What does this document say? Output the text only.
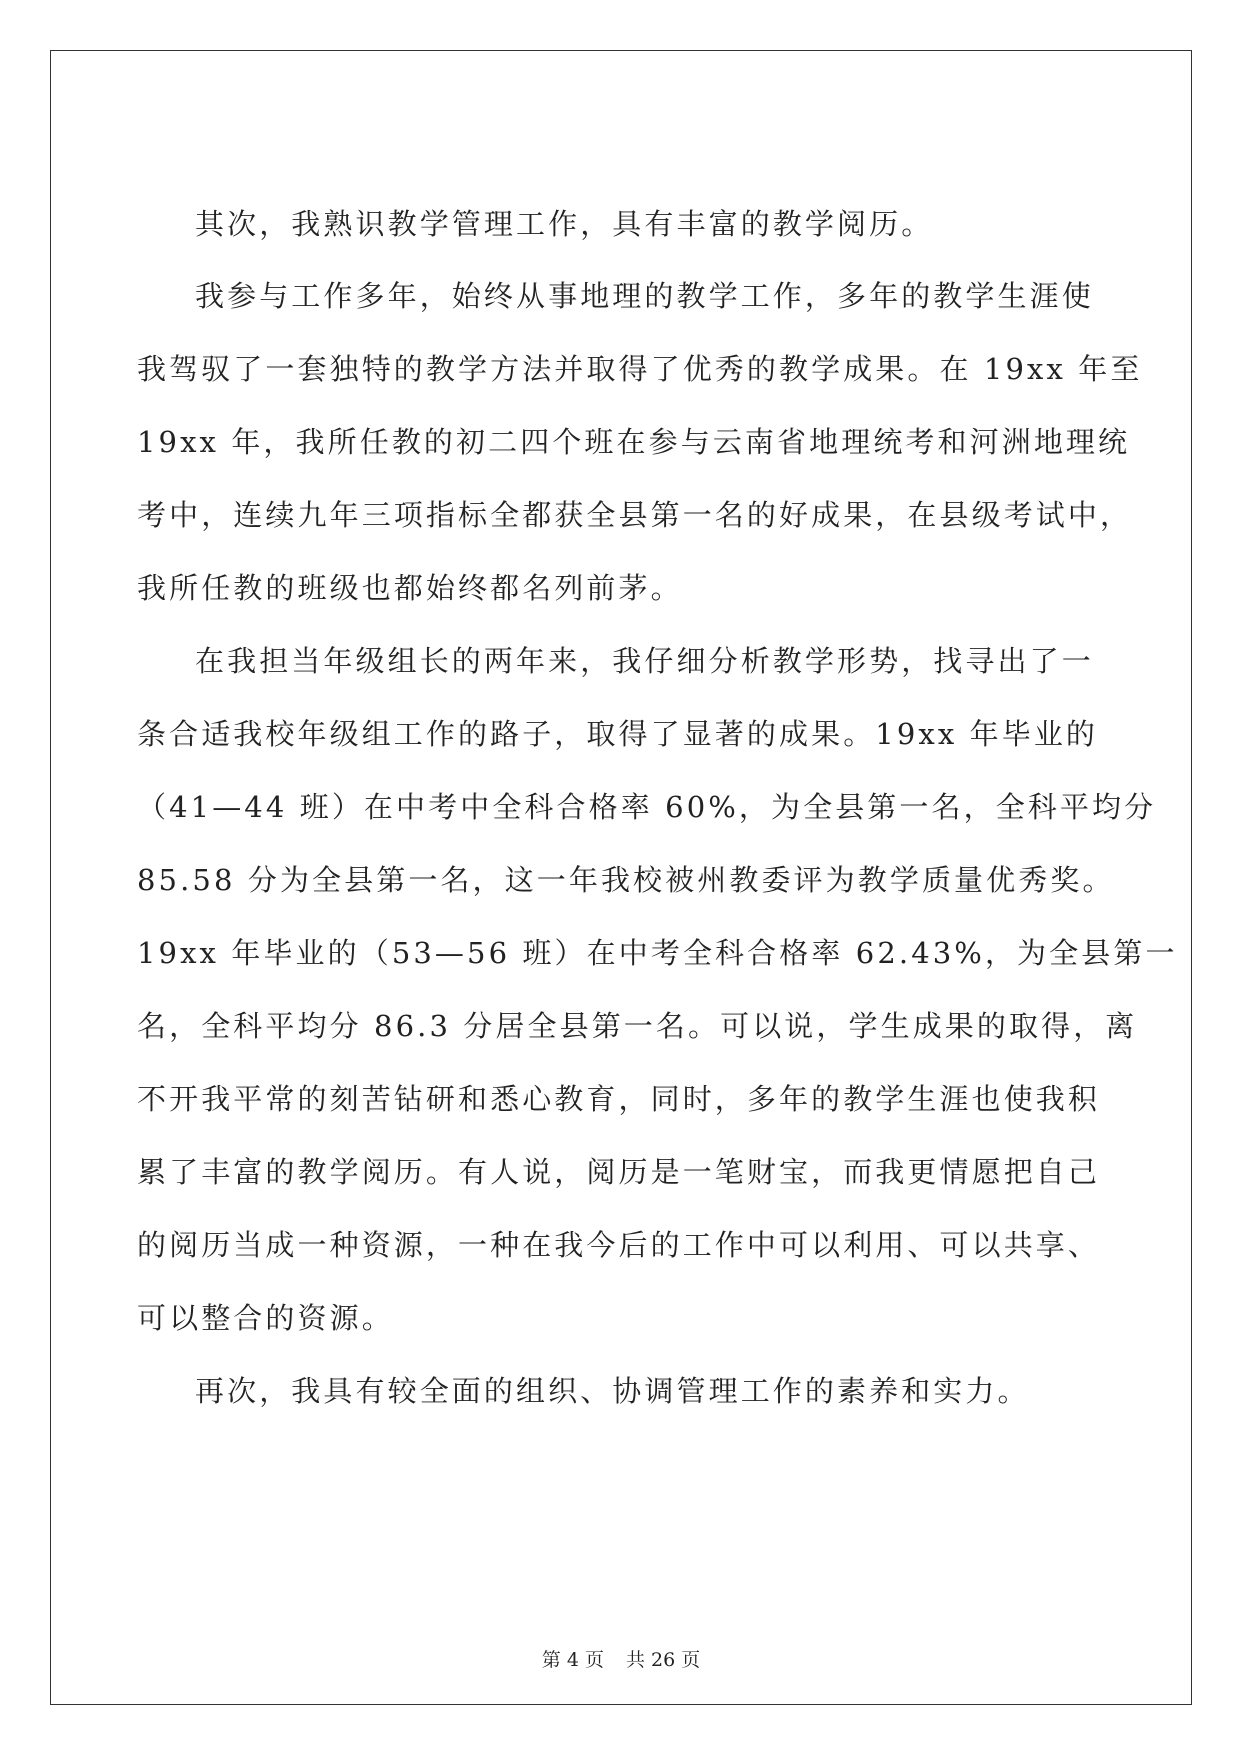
其次，我熟识教学管理工作，具有丰富的教学阅历。
我参与工作多年，始终从事地理的教学工作，多年的教学生涯使
我驾驭了一套独特的教学方法并取得了优秀的教学成果。在 19xx 年至
19xx 年，我所任教的初二四个班在参与云南省地理统考和河洲地理统
考中，连续九年三项指标全都获全县第一名的好成果，在县级考试中，
我所任教的班级也都始终都名列前茅。
在我担当年级组长的两年来，我仔细分析教学形势，找寻出了一
条合适我校年级组工作的路子，取得了显著的成果。19xx 年毕业的
（41—44 班）在中考中全科合格率 60%，为全县第一名，全科平均分
85.58 分为全县第一名，这一年我校被州教委评为教学质量优秀奖。
19xx 年毕业的（53—56 班）在中考全科合格率 62.43%，为全县第一
名，全科平均分 86.3 分居全县第一名。可以说，学生成果的取得，离
不开我平常的刻苦钻研和悉心教育，同时，多年的教学生涯也使我积
累了丰富的教学阅历。有人说，阅历是一笔财宝，而我更情愿把自己
的阅历当成一种资源，一种在我今后的工作中可以利用、可以共享、
可以整合的资源。
再次，我具有较全面的组织、协调管理工作的素养和实力。
第 4 页 共 26 页
